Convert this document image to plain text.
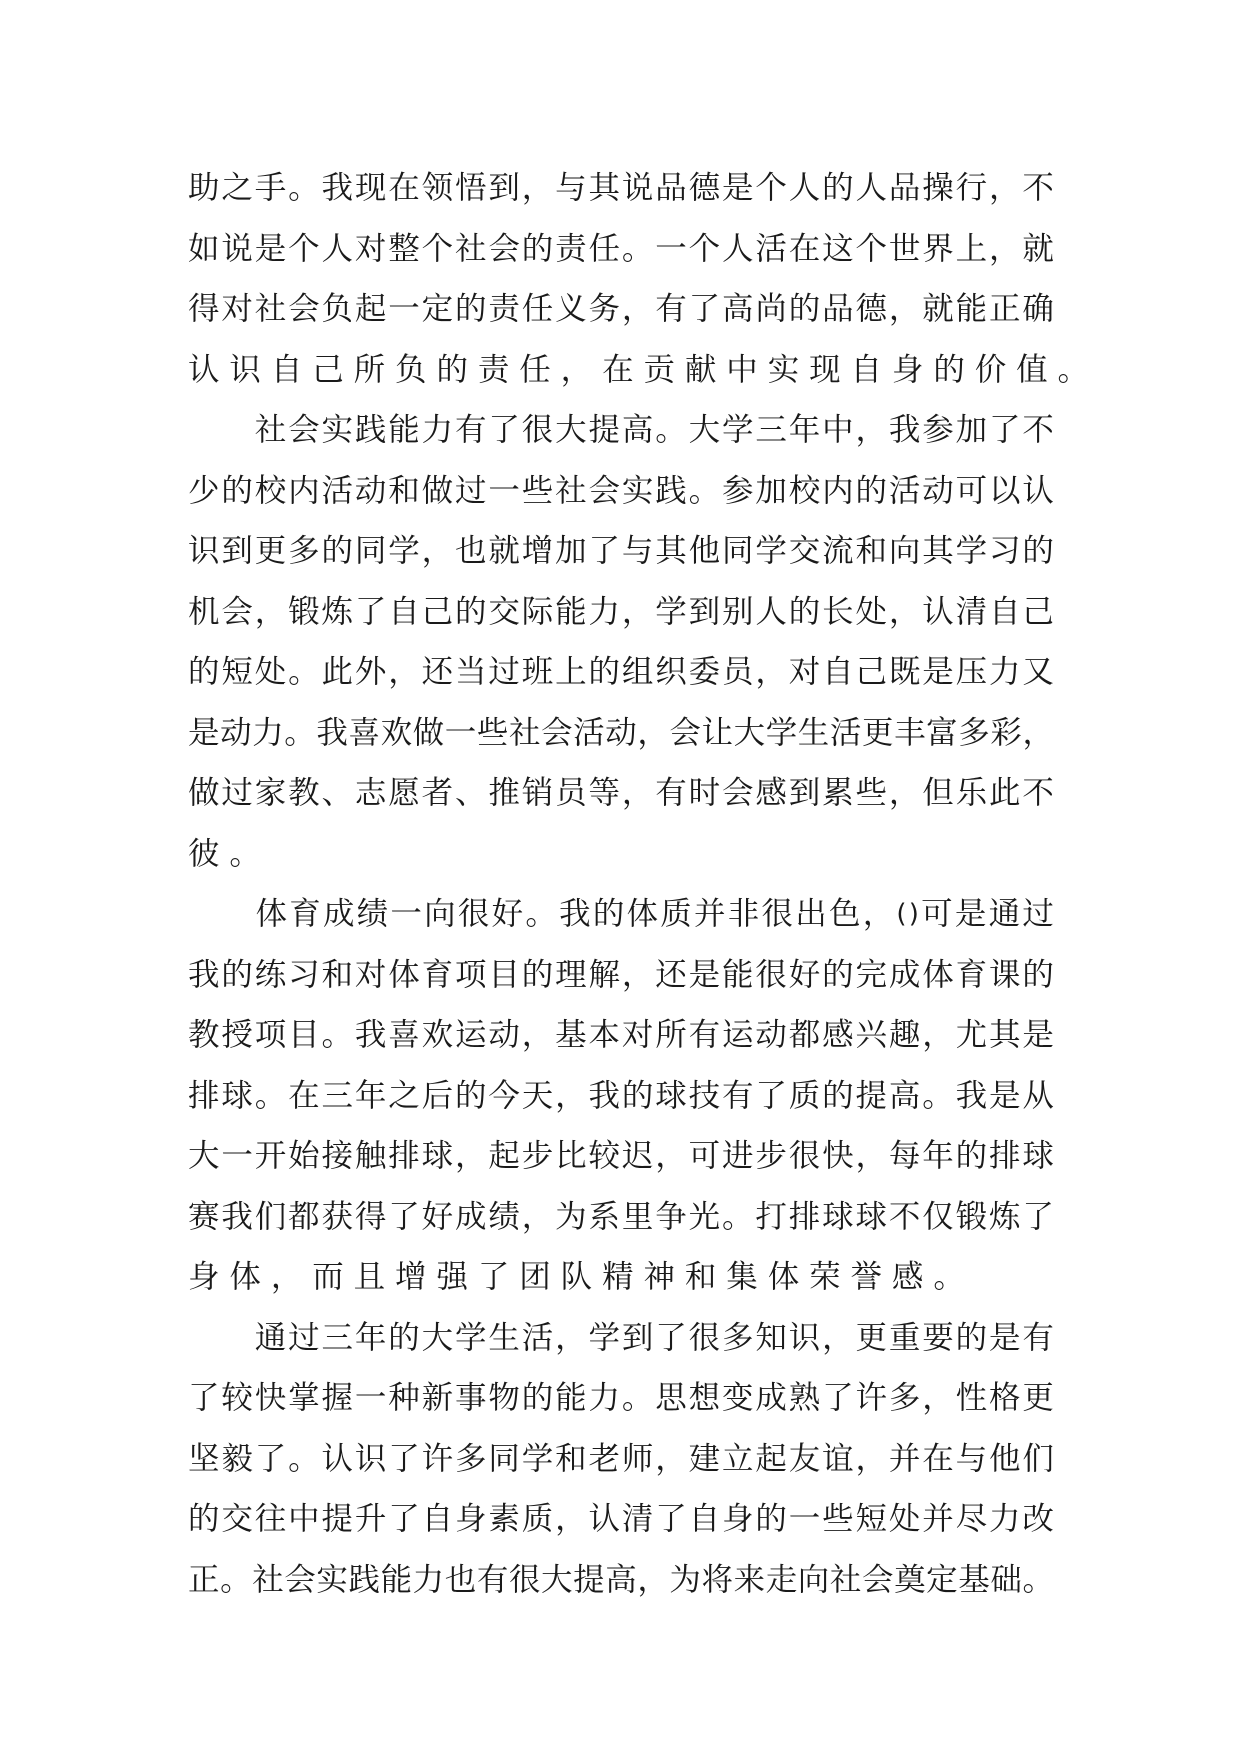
助 之 手 。 我 现 在 领 悟 到 ， 与 其 说 品 德 是 个 人 的 人 品 操 行 ， 不
如 说 是 个 人 对 整 个 社 会 的 责 任 。 一 个 人 活 在 这 个 世 界 上 ， 就
得 对 社 会 负 起 一 定 的 责 任 义 务 ， 有 了 高 尚 的 品 德 ， 就 能 正 确
认 识 自 己 所 负 的 责 任 ， 在 贡 献 中 实 现 自 身 的 价 值 。

社 会 实 践 能 力 有 了 很 大 提 高 。 大 学 三 年 中 ， 我 参 加 了 不
少 的 校 内 活 动 和 做 过 一 些 社 会 实 践 。 参 加 校 内 的 活 动 可 以 认
识 到 更 多 的 同 学 ， 也 就 增 加 了 与 其 他 同 学 交 流 和 向 其 学 习 的
机 会 ， 锻 炼 了 自 己 的 交 际 能 力 ， 学 到 别 人 的 长 处 ， 认 清 自 己
的 短 处 。 此 外 ， 还 当 过 班 上 的 组 织 委 员 ， 对 自 己 既 是 压 力 又
是 动 力 。 我 喜 欢 做 一 些 社 会 活 动 ， 会 让 大 学 生 活 更 丰 富 多 彩 ，
做 过 家 教 、 志 愿 者 、 推 销 员 等 ， 有 时 会 感 到 累 些 ， 但 乐 此 不
彼 。

体 育 成 绩 一 向 很 好 。 我 的 体 质 并 非 很 出 色 ， ( ) 可 是 通 过
我 的 练 习 和 对 体 育 项 目 的 理 解 ， 还 是 能 很 好 的 完 成 体 育 课 的
教 授 项 目 。 我 喜 欢 运 动 ， 基 本 对 所 有 运 动 都 感 兴 趣 ， 尤 其 是
排 球 。 在 三 年 之 后 的 今 天 ， 我 的 球 技 有 了 质 的 提 高 。 我 是 从
大 一 开 始 接 触 排 球 ， 起 步 比 较 迟 ， 可 进 步 很 快 ， 每 年 的 排 球
赛 我 们 都 获 得 了 好 成 绩 ， 为 系 里 争 光 。 打 排 球 球 不 仅 锻 炼 了
身 体 ， 而 且 增 强 了 团 队 精 神 和 集 体 荣 誉 感 。

通 过 三 年 的 大 学 生 活 ， 学 到 了 很 多 知 识 ， 更 重 要 的 是 有
了 较 快 掌 握 一 种 新 事 物 的 能 力 。 思 想 变 成 熟 了 许 多 ， 性 格 更
坚 毅 了 。 认 识 了 许 多 同 学 和 老 师 ， 建 立 起 友 谊 ， 并 在 与 他 们
的 交 往 中 提 升 了 自 身 素 质 ， 认 清 了 自 身 的 一 些 短 处 并 尽 力 改
正 。 社 会 实 践 能 力 也 有 很 大 提 高 ， 为 将 来 走 向 社 会 奠 定 基 础 。
